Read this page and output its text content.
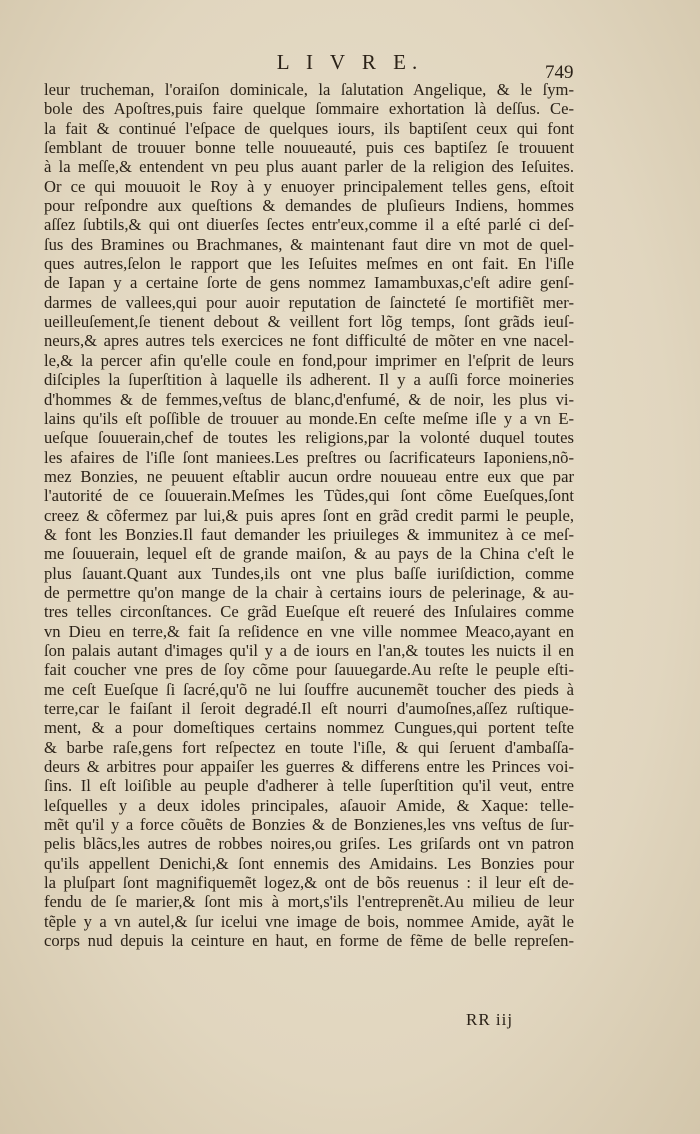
L I V R E.	749
leur trucheman, l'oraiſon dominicale, la ſalutation Angelique, & le ſym-
bole des Apoſtres,puis faire quelque ſommaire exhortation là deſſus. Ce-
la fait & continué l'eſpace de quelques iours, ils baptiſent ceux qui font
ſemblant de trouuer bonne telle nouueauté, puis ces baptiſez ſe trouuent
à la meſſe,& entendent vn peu plus auant parler de la religion des Ieſuites.
Or ce qui mouuoit le Roy à y enuoyer principalement telles gens, eſtoit
pour reſpondre aux queſtions & demandes de pluſieurs Indiens, hommes
aſſez ſubtils,& qui ont diuerſes ſectes entr'eux,comme il a eſté parlé ci deſ-
ſus des Bramines ou Brachmanes, & maintenant faut dire vn mot de quel-
ques autres,ſelon le rapport que les Ieſuites meſmes en ont fait. En l'iſle
de Iapan y a certaine ſorte de gens nommez Iamambuxas,c'eſt adire genſ-
darmes de vallees,qui pour auoir reputation de ſaincteté ſe mortifiẽt mer-
ueilleuſement,ſe tienent debout & veillent fort lõg temps, ſont grãds ieuſ-
neurs,& apres autres tels exercices ne font difficulté de mõter en vne nacel-
le,& la percer afin qu'elle coule en fond,pour imprimer en l'eſprit de leurs
diſciples la ſuperſtition à laquelle ils adherent. Il y a auſſi force moineries
d'hommes & de femmes,veſtus de blanc,d'enfumé, & de noir, les plus vi-
lains qu'ils eſt poſſible de trouuer au monde.En ceſte meſme iſle y a vn E-
ueſque ſouuerain,chef de toutes les religions,par la volonté duquel toutes
les afaires de l'iſle ſont maniees.Les preſtres ou ſacrificateurs Iaponiens,nõ-
mez Bonzies, ne peuuent eſtablir aucun ordre nouueau entre eux que par
l'autorité de ce ſouuerain.Meſmes les Tũdes,qui ſont cõme Eueſques,ſont
creez & cõfermez par lui,& puis apres ſont en grãd credit parmi le peuple,
& font les Bonzies.Il faut demander les priuileges & immunitez à ce meſ-
me ſouuerain, lequel eſt de grande maiſon, & au pays de la China c'eſt le
plus ſauant.Quant aux Tundes,ils ont vne plus baſſe iuriſdiction, comme
de permettre qu'on mange de la chair à certains iours de pelerinage, & au-
tres telles circonſtances. Ce grãd Eueſque eſt reueré des Inſulaires comme
vn Dieu en terre,& fait ſa reſidence en vne ville nommee Meaco,ayant en
ſon palais autant d'images qu'il y a de iours en l'an,& toutes les nuicts il en
fait coucher vne pres de ſoy cõme pour ſauuegarde.Au reſte le peuple eſti-
me ceſt Eueſque ſi ſacré,qu'õ ne lui ſouffre aucunemẽt toucher des pieds à
terre,car le faiſant il ſeroit degradé.Il eſt nourri d'aumoſnes,aſſez ruſtique-
ment, & a pour domeſtiques certains nommez Cungues,qui portent teſte
& barbe raſe,gens fort reſpectez en toute l'iſle, & qui ſeruent d'ambaſſa-
deurs & arbitres pour appaiſer les guerres & differens entre les Princes voi-
ſins. Il eſt loiſible au peuple d'adherer à telle ſuperſtition qu'il veut, entre
leſquelles y a deux idoles principales, aſauoir Amide, & Xaque: telle-
mẽt qu'il y a force cõuẽts de Bonzies & de Bonzienes,les vns veſtus de ſur-
pelis blãcs,les autres de robbes noires,ou griſes. Les griſards ont vn patron
qu'ils appellent Denichi,& ſont ennemis des Amidains. Les Bonzies pour
la pluſpart ſont magnifiquemẽt logez,& ont de bõs reuenus : il leur eſt de-
fendu de ſe marier,& ſont mis à mort,s'ils l'entreprenẽt.Au milieu de leur
tẽple y a vn autel,& ſur icelui vne image de bois, nommee Amide, ayãt le
corps nud depuis la ceinture en haut, en forme de fẽme de belle repreſen-
RR iij
